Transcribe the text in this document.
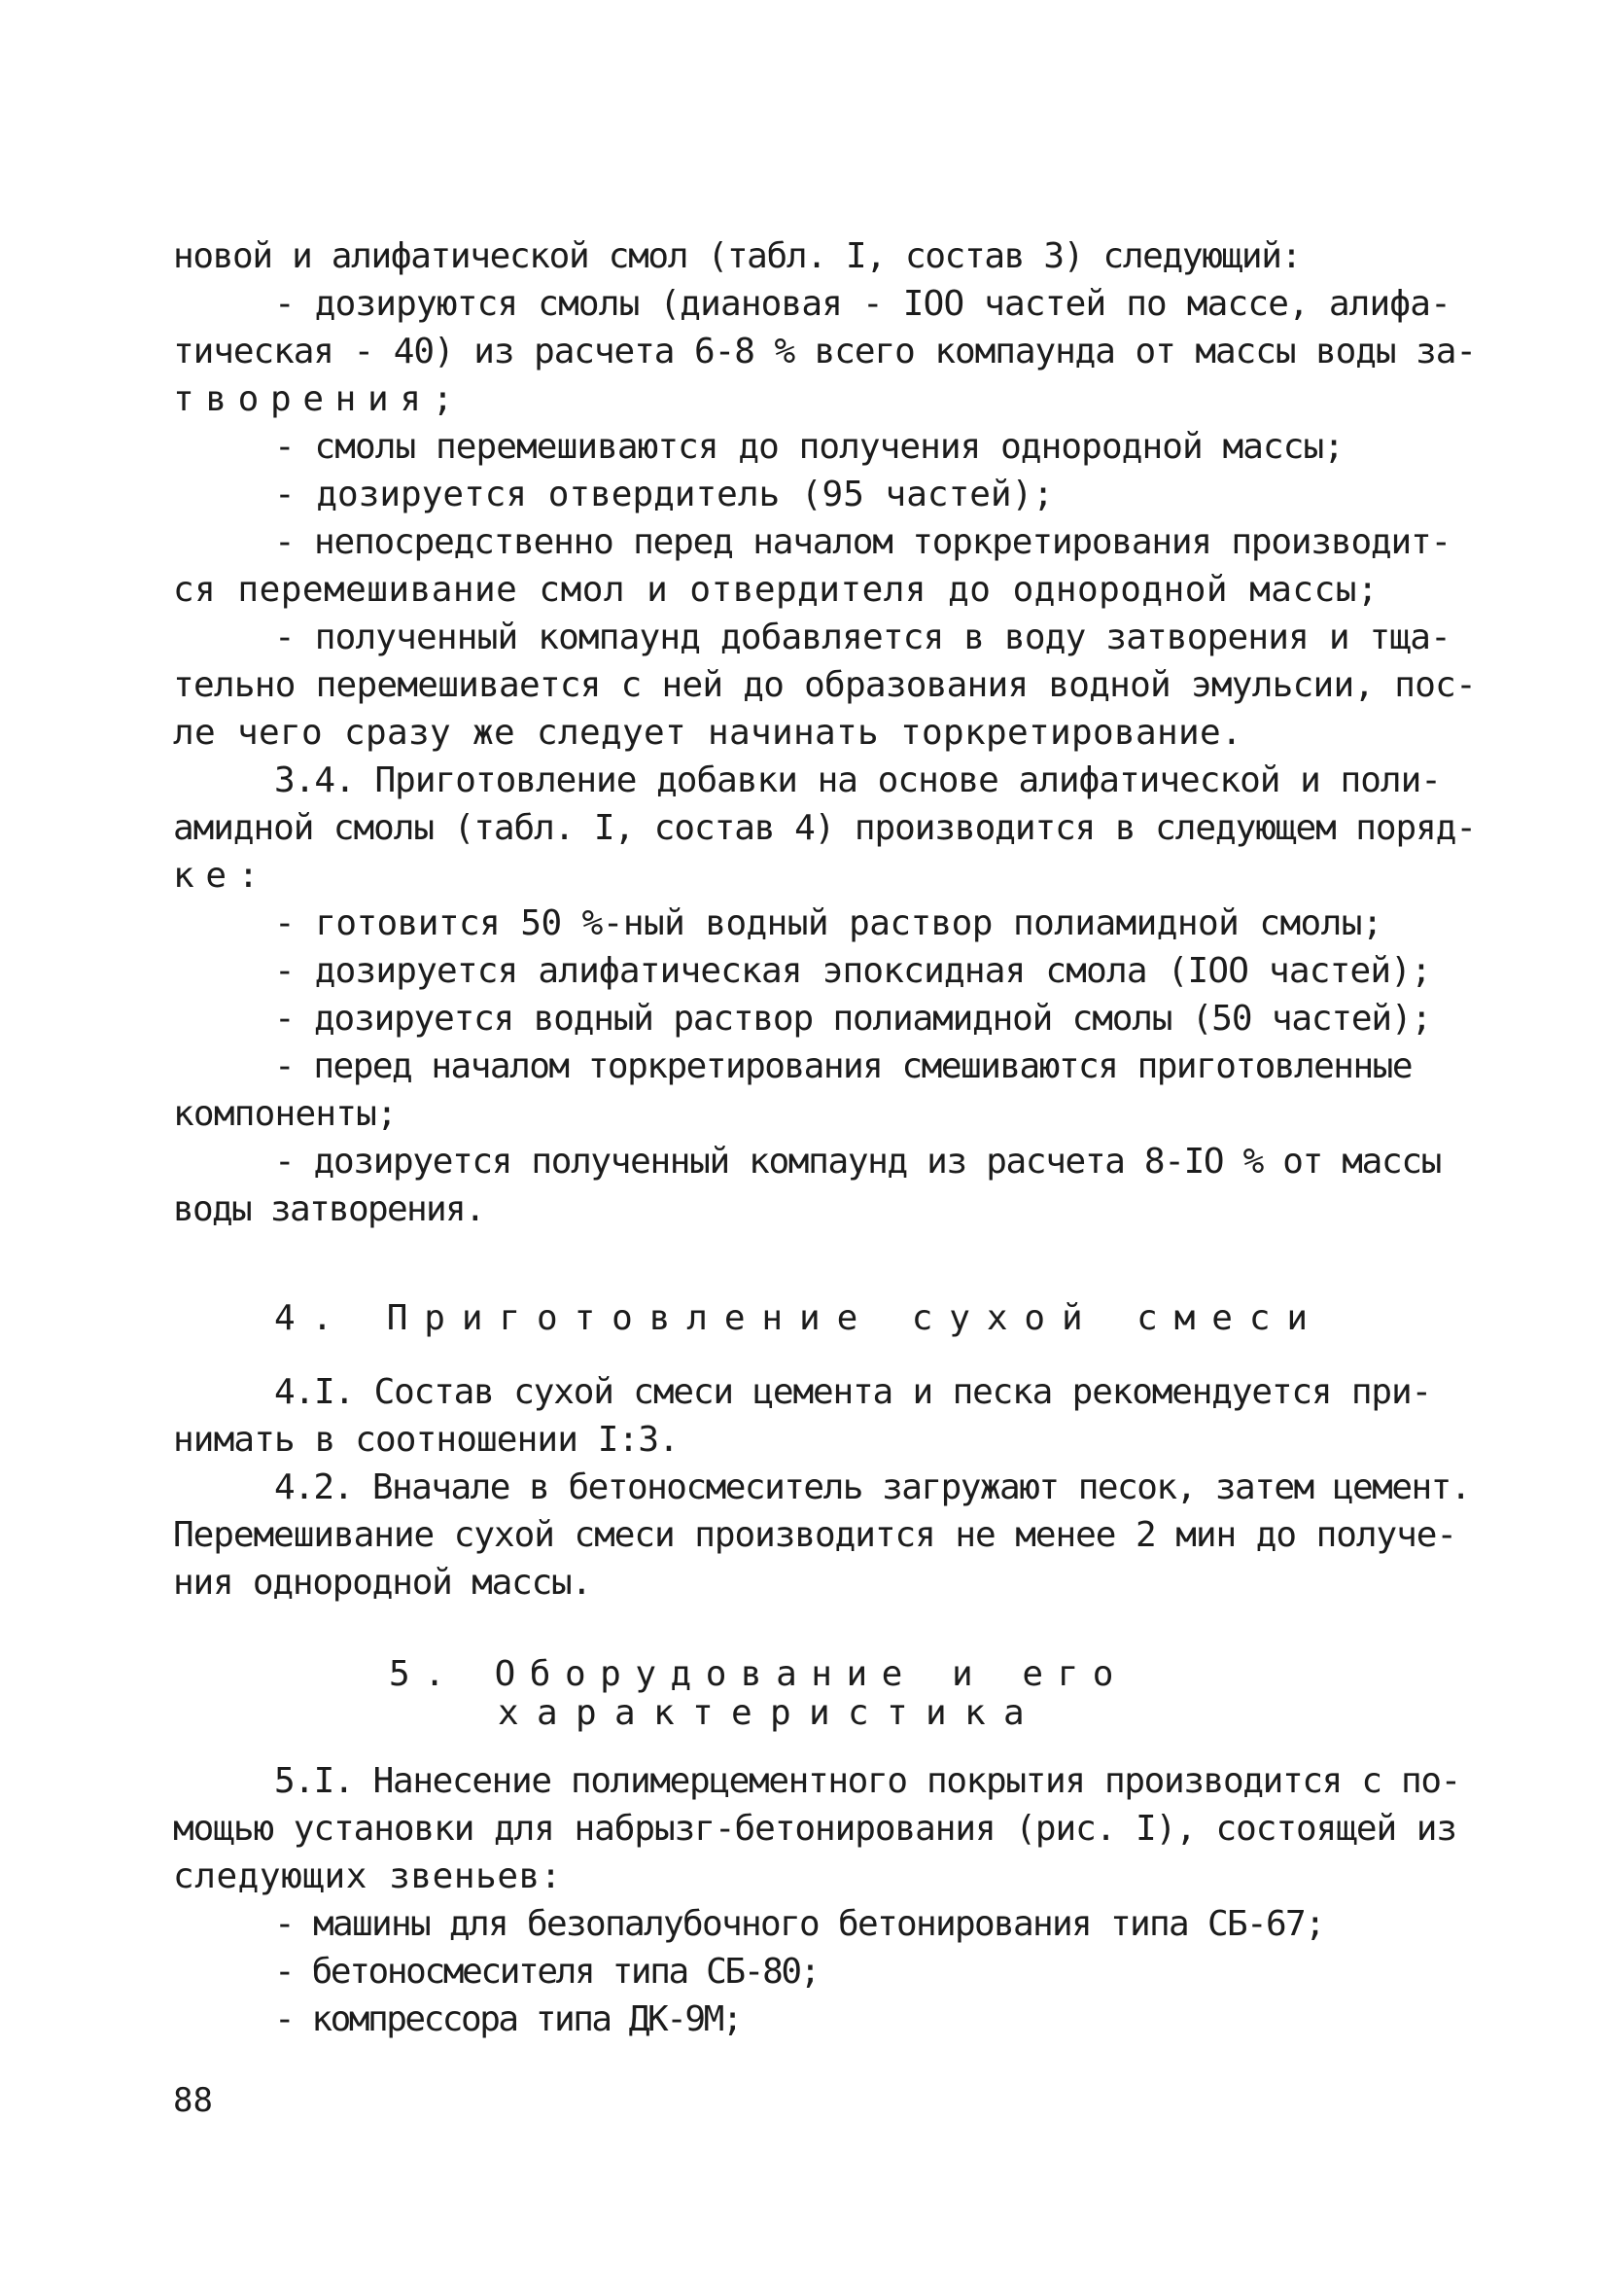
новой и алифатической смол (табл. I, состав 3) следующий:
- дозируются смолы (диановая - IOO частей по массе, алифа-
тическая - 40) из расчета 6-8 % всего компаунда от массы воды за-
творения;
- смолы перемешиваются до получения однородной массы;
- дозируется отвердитель (95 частей);
- непосредственно перед началом торкретирования производит-
ся перемешивание смол и отвердителя до однородной массы;
- полученный компаунд добавляется в воду затворения и тща-
тельно перемешивается с ней до образования водной эмульсии, пос-
ле чего сразу же следует начинать торкретирование.
3.4. Приготовление добавки на основе алифатической и поли-
амидной смолы (табл. I, состав 4) производится в следующем поряд-
ке:
- готовится 50 %-ный водный раствор полиамидной смолы;
- дозируется алифатическая эпоксидная смола (IOO частей);
- дозируется водный раствор полиамидной смолы (50 частей);
- перед началом торкретирования смешиваются приготовленные
компоненты;
- дозируется полученный компаунд из расчета 8-IO % от массы
воды затворения.
4. Приготовление сухой смеси
4.I. Состав сухой смеси цемента и песка рекомендуется при-
нимать в соотношении I:3.
4.2. Вначале в бетоносмеситель загружают песок, затем цемент.
Перемешивание сухой смеси производится не менее 2 мин до получе-
ния однородной массы.
5. Оборудование и его
характеристика
5.I. Нанесение полимерцементного покрытия производится с по-
мощью установки для набрызг-бетонирования (рис. I), состоящей из
следующих звеньев:
- машины для безопалубочного бетонирования типа СБ-67;
- бетоносмесителя типа СБ-80;
- компрессора типа ДК-9М;
88
